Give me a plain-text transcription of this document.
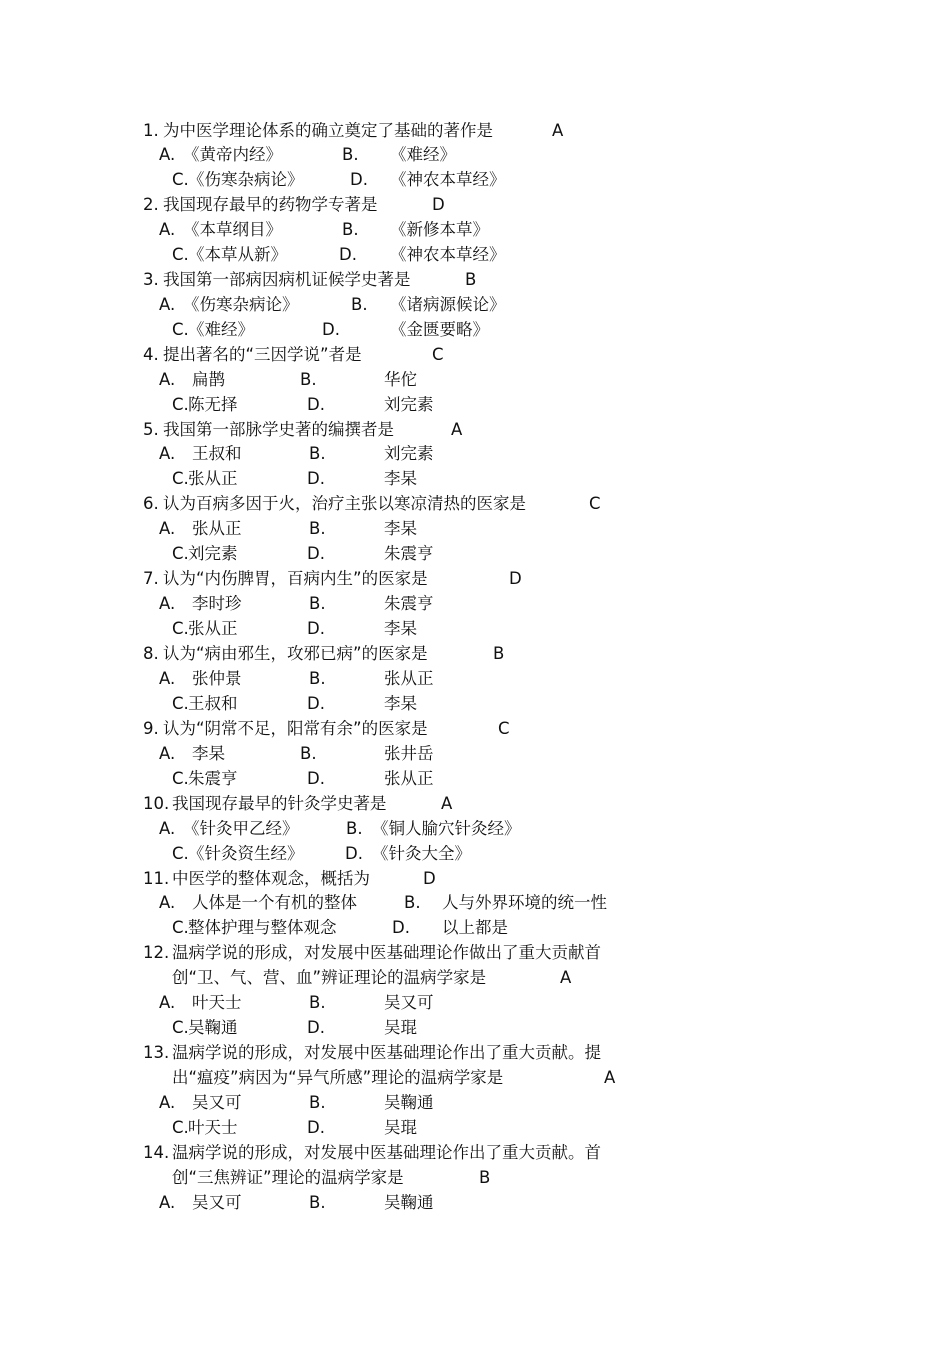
1. 为中医学理论体系的确立奠定了基础的著作是	A
A. 《黄帝内经》	B. 《难经》
C. 《伤寒杂病论》	D. 《神农本草经》
2. 我国现存最早的药物学专著是	D
A. 《本草纲目》	B. 《新修本草》
C. 《本草从新》	D. 《神农本草经》
3. 我国第一部病因病机证候学史著是	B
A. 《伤寒杂病论》	B. 《诸病源候论》
C. 《难经》	D.	《金匮要略》
4. 提出著名的“三因学说”者是	C
A. 扁鹊	B.	华佗
C. 陈无择	D.	刘完素
5. 我国第一部脉学史著的编撰者是	A
A. 王叔和	B.	刘完素
C. 张从正	D.	李杲
6. 认为百病多因于火，治疗主张以寒凉清热的医家是	C
A. 张从正	B.	李杲
C. 刘完素	D.	朱震亨
7. 认为“内伤脾胃，百病内生”的医家是	D
A. 李时珍	B.	朱震亨
C. 张从正	D.	李杲
8. 认为“病由邪生，攻邪已病”的医家是	B
A. 张仲景	B.	张从正
C. 王叔和	D.	李杲
9. 认为“阴常不足，阳常有余”的医家是	C
A. 李杲	B.	张井岳
C. 朱震亨	D.	张从正
10. 我国现存最早的针灸学史著是	A
A. 《针灸甲乙经》	B. 《铜人腧穴针灸经》
C. 《针灸资生经》	D. 《针灸大全》
11. 中医学的整体观念，概括为	D
A. 人体是一个有机的整体	B. 人与外界环境的统一性
C. 整体护理与整体观念	D. 以上都是
12. 温病学说的形成，对发展中医基础理论作做出了重大贡献首
创“卫、气、营、血”辨证理论的温病学家是	A
A. 叶天士	B.	吴又可
C. 吴鞠通	D.	吴琨
13. 温病学说的形成，对发展中医基础理论作出了重大贡献。提
出“瘟疫”病因为“异气所感”理论的温病学家是	A
A. 吴又可	B.	吴鞠通
C. 叶天士	D.	吴琨
14. 温病学说的形成，对发展中医基础理论作出了重大贡献。首
创“三焦辨证”理论的温病学家是	B
A. 吴又可	B.	吴鞠通
